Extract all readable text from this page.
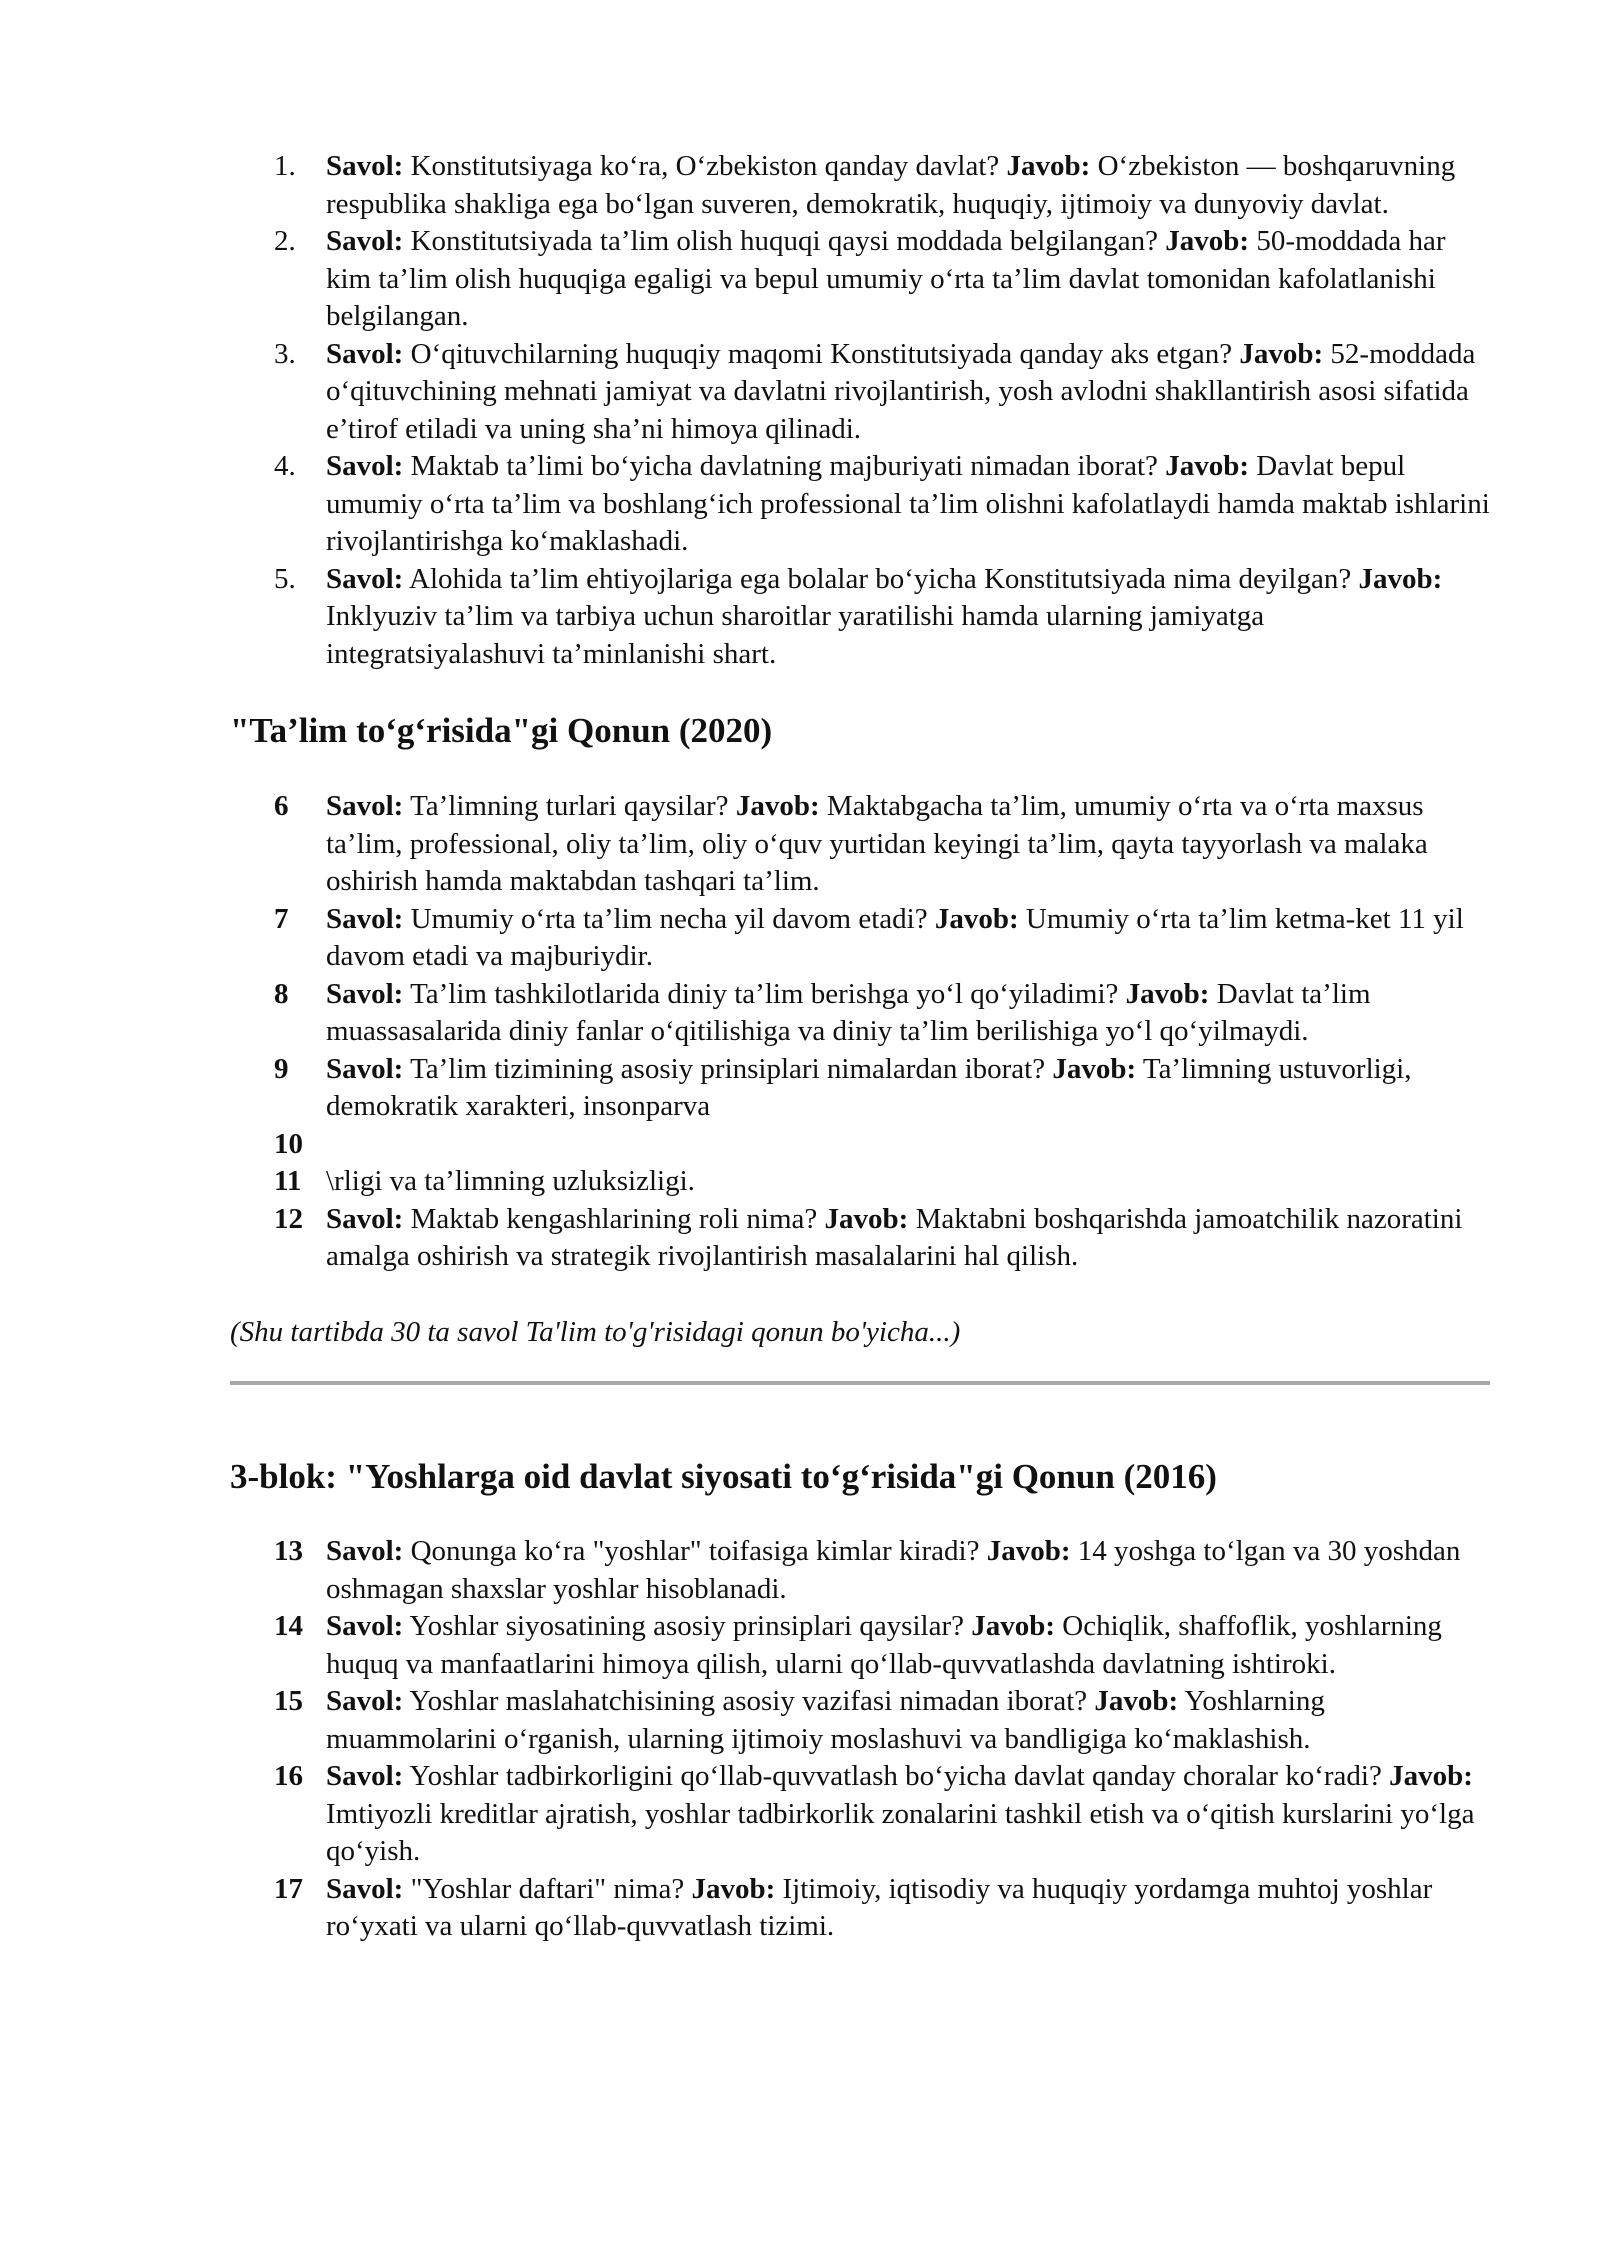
1. Savol: Konstitutsiyaga ko‘ra, O‘zbekiston qanday davlat? Javob: O‘zbekiston — boshqaruvning respublika shakliga ega bo‘lgan suveren, demokratik, huquqiy, ijtimoiy va dunyoviy davlat.
2. Savol: Konstitutsiyada ta’lim olish huquqi qaysi moddada belgilangan? Javob: 50-moddada har kim ta’lim olish huquqiga egaligi va bepul umumiy o‘rta ta’lim davlat tomonidan kafolatlanishi belgilangan.
3. Savol: O‘qituvchilarning huquqiy maqomi Konstitutsiyada qanday aks etgan? Javob: 52-moddada o‘qituvchining mehnati jamiyat va davlatni rivojlantirish, yosh avlodni shakllantirish asosi sifatida e’tirof etiladi va uning sha’ni himoya qilinadi.
4. Savol: Maktab ta’limi bo‘yicha davlatning majburiyati nimadan iborat? Javob: Davlat bepul umumiy o‘rta ta’lim va boshlang‘ich professional ta’lim olishni kafolatlaydi hamda maktab ishlarini rivojlantirishga ko‘maklashadi.
5. Savol: Alohida ta’lim ehtiyojlariga ega bolalar bo‘yicha Konstitutsiyada nima deyilgan? Javob: Inklyuziv ta’lim va tarbiya uchun sharoitlar yaratilishi hamda ularning jamiyatga integratsiyalashuvi ta’minlanishi shart.
"Ta’lim to‘g‘risida"gi Qonun (2020)
6 Savol: Ta’limning turlari qaysilar? Javob: Maktabgacha ta’lim, umumiy o‘rta va o‘rta maxsus ta’lim, professional, oliy ta’lim, oliy o‘quv yurtidan keyingi ta’lim, qayta tayyorlash va malaka oshirish hamda maktabdan tashqari ta’lim.
7 Savol: Umumiy o‘rta ta’lim necha yil davom etadi? Javob: Umumiy o‘rta ta’lim ketma-ket 11 yil davom etadi va majburiydir.
8 Savol: Ta’lim tashkilotlarida diniy ta’lim berishga yo‘l qo‘yiladimi? Javob: Davlat ta’lim muassasalarida diniy fanlar o‘qitilishiga va diniy ta’lim berilishiga yo‘l qo‘yilmaydi.
9 Savol: Ta’lim tizimining asosiy prinsiplari nimalardan iborat? Javob: Ta’limning ustuvorligi, demokratik xarakteri, insonparva
10
11 \rligi va ta’limning uzluksizligi.
12 Savol: Maktab kengashlarining roli nima? Javob: Maktabni boshqarishda jamoatchilik nazoratini amalga oshirish va strategik rivojlantirish masalalarini hal qilish.

(Shu tartibda 30 ta savol Ta'lim to'g'risidagi qonun bo'yicha...)

3-blok: "Yoshlarga oid davlat siyosati to‘g‘risida"gi Qonun (2016)
13 Savol: Qonunga ko‘ra "yoshlar" toifasiga kimlar kiradi? Javob: 14 yoshga to‘lgan va 30 yoshdan oshmagan shaxslar yoshlar hisoblanadi.
14 Savol: Yoshlar siyosatining asosiy prinsiplari qaysilar? Javob: Ochiqlik, shaffoflik, yoshlarning huquq va manfaatlarini himoya qilish, ularni qo‘llab-quvvatlashda davlatning ishtiroki.
15 Savol: Yoshlar maslahatchisining asosiy vazifasi nimadan iborat? Javob: Yoshlarning muammolarini o‘rganish, ularning ijtimoiy moslashuvi va bandligiga ko‘maklashish.
16 Savol: Yoshlar tadbirkorligini qo‘llab-quvvatlash bo‘yicha davlat qanday choralar ko‘radi? Javob: Imtiyozli kreditlar ajratish, yoshlar tadbirkorlik zonalarini tashkil etish va o‘qitish kurslarini yo‘lga qo‘yish.
17 Savol: "Yoshlar daftari" nima? Javob: Ijtimoiy, iqtisodiy va huquqiy yordamga muhtoj yoshlar ro‘yxati va ularni qo‘llab-quvvatlash tizimi.
